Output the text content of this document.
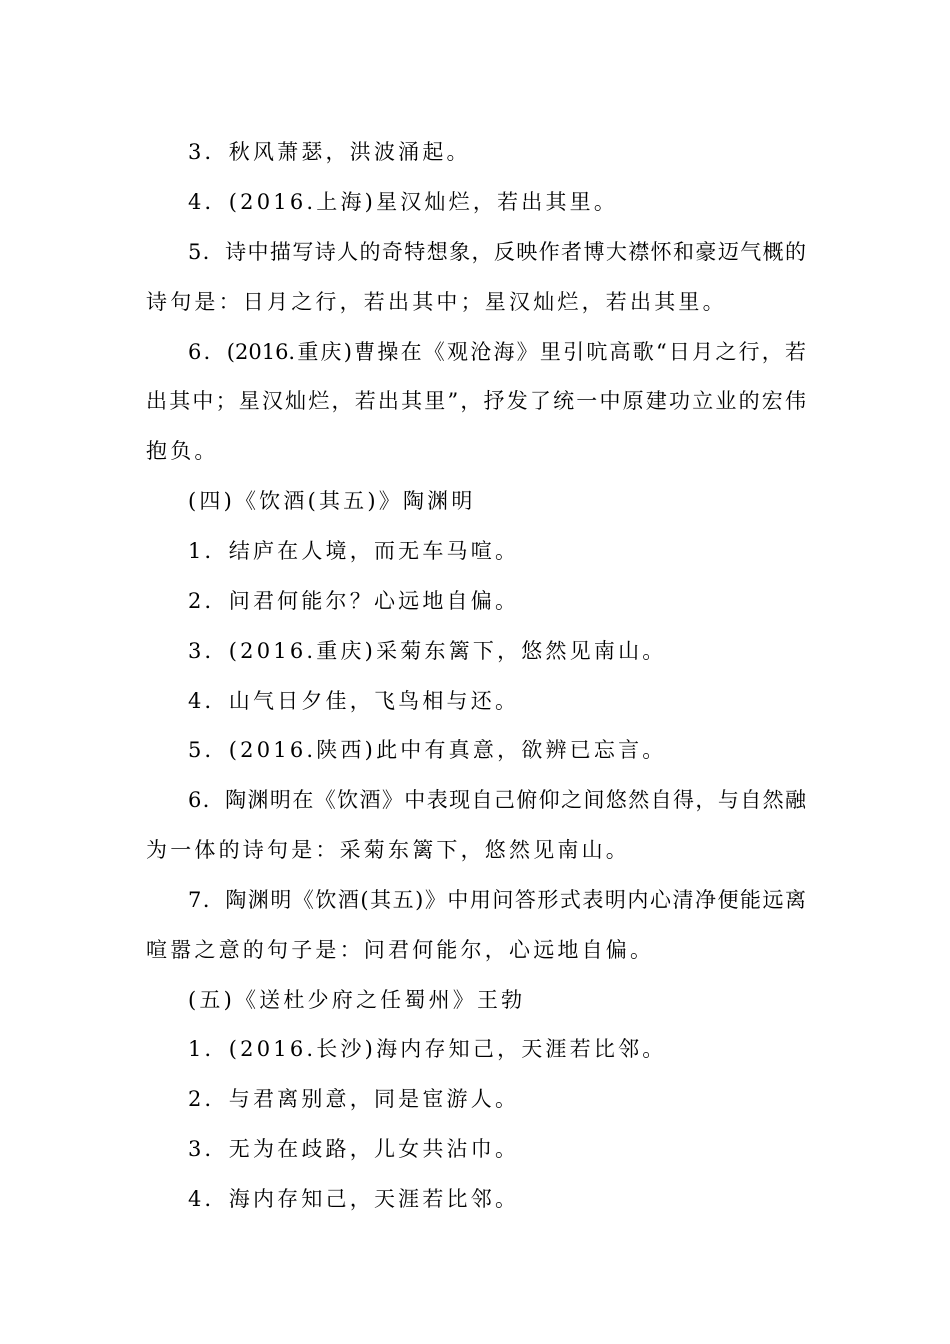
3．秋风萧瑟，洪波涌起。
4．(2016.上海)星汉灿烂，若出其里。
5．诗中描写诗人的奇特想象，反映作者博大襟怀和豪迈气概的
诗句是：日月之行，若出其中；星汉灿烂，若出其里。
6．(2016.重庆)曹操在《观沧海》里引吭高歌“日月之行，若
出其中；星汉灿烂，若出其里”，抒发了统一中原建功立业的宏伟
抱负。
(四)《饮酒(其五)》陶渊明
1．结庐在人境，而无车马喧。
2．问君何能尔？心远地自偏。
3．(2016.重庆)采菊东篱下，悠然见南山。
4．山气日夕佳，飞鸟相与还。
5．(2016.陕西)此中有真意，欲辨已忘言。
6．陶渊明在《饮酒》中表现自己俯仰之间悠然自得，与自然融
为一体的诗句是：采菊东篱下，悠然见南山。
7．陶渊明《饮酒(其五)》中用问答形式表明内心清净便能远离
喧嚣之意的句子是：问君何能尔，心远地自偏。
(五)《送杜少府之任蜀州》王勃
1．(2016.长沙)海内存知己，天涯若比邻。
2．与君离别意，同是宦游人。
3．无为在歧路，儿女共沾巾。
4．海内存知己，天涯若比邻。
